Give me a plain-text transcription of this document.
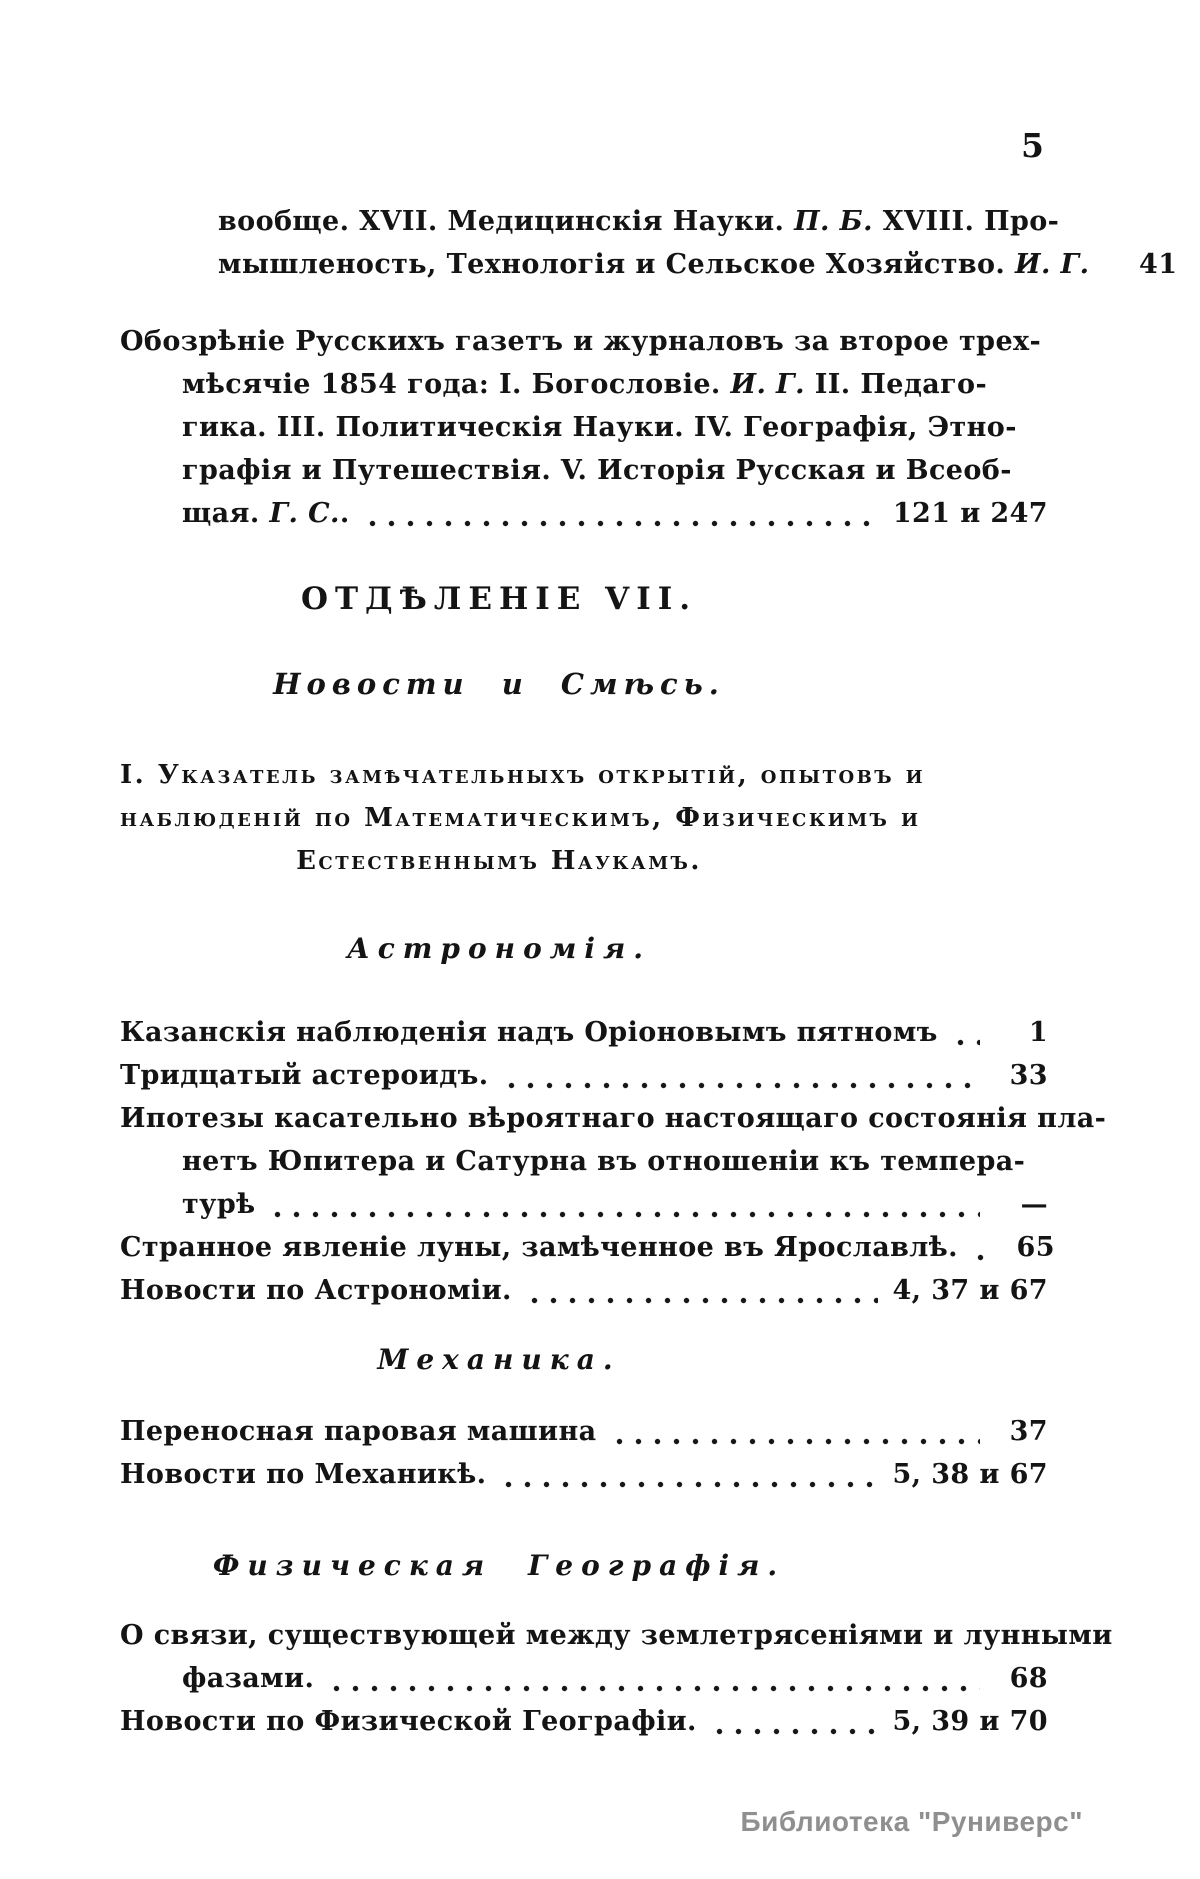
5
вообще. XVII. Медицинскія Науки. П. Б. XVIII. Про-
мышленость, Технологія и Сельское Хозяйство. И. Г.	41
Обозрѣніе Русскихъ газетъ и журналовъ за второе трех-
мѣсячіе 1854 года: I. Богословіе. И. Г. II. Педаго-
гика. III. Политическія Науки. IV. Географія, Этно-
графія и Путешествія. V. Исторія Русская и Всеоб-
щая. Г. С..	121 и 247
ОТДѢЛЕНІЕ VII.
Новости и Смѣсь.
І. Указатель замѣчательныхъ открытій, опытовъ и
наблюденій по Математическимъ, Физическимъ и
Естественнымъ Наукамъ.
Астрономія.
Казанскія наблюденія надъ Оріоновымъ пятномъ	1
Тридцатый астероидъ.	33
Ипотезы касательно вѣроятнаго настоящаго состоянія пла-
нетъ Юпитера и Сатурна въ отношеніи къ темпера-
турѣ	—
Странное явленіе луны, замѣченное въ Ярославлѣ.	65
Новости по Астрономіи.	4, 37 и 67
Механика.
Переносная паровая машина	37
Новости по Механикѣ.	5, 38 и 67
Физическая Географія.
О связи, существующей между землетрясеніями и лунными
фазами.	68
Новости по Физической Географіи.	5, 39 и 70
Библиотека "Руниверс"
